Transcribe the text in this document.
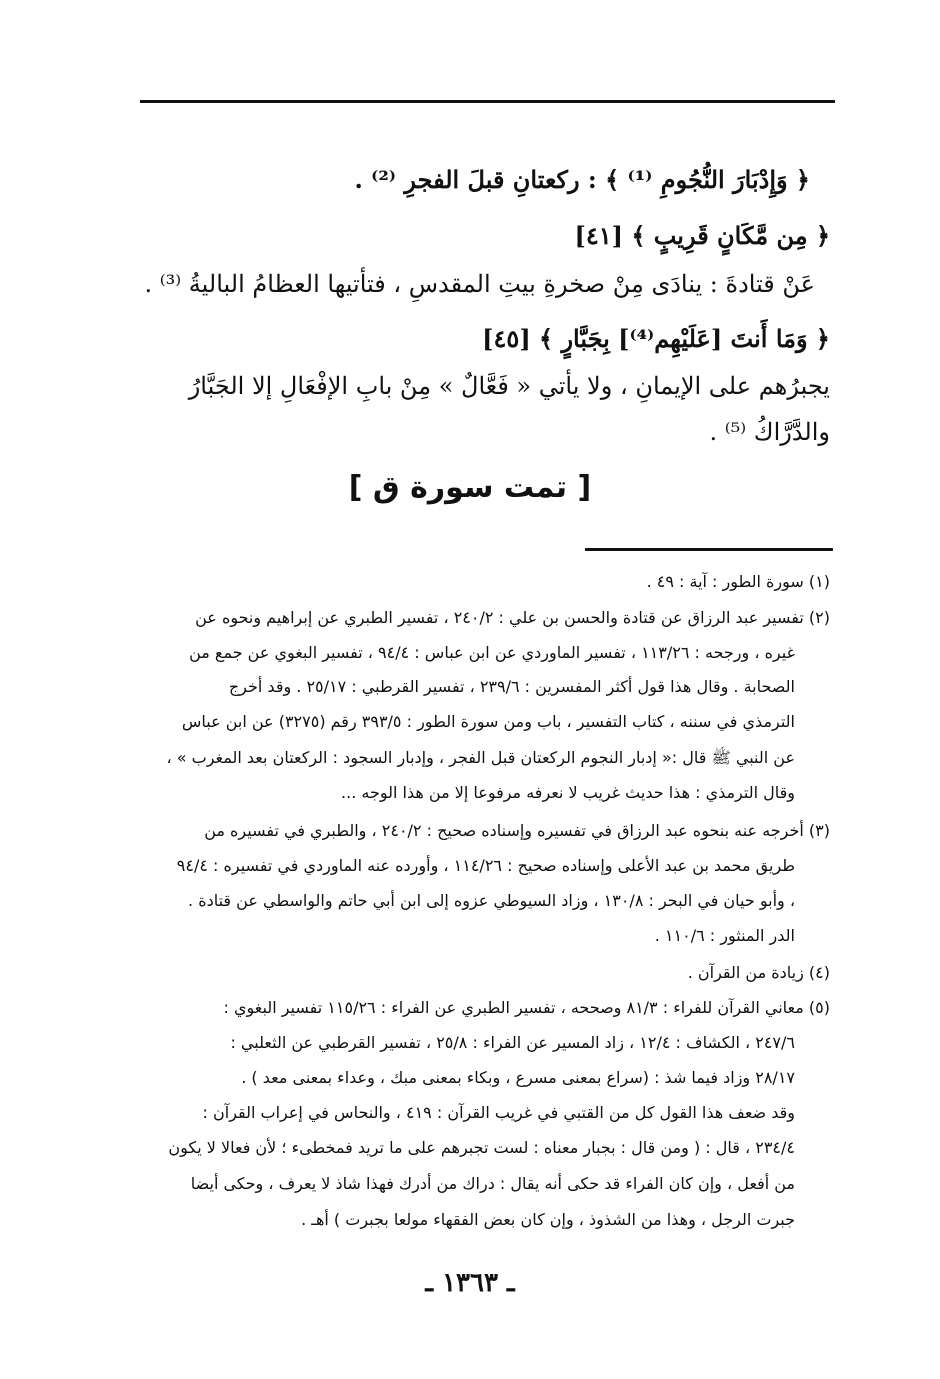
﴿ وَإِدْبَارَ النُّجُومِ ⁽¹⁾ ﴾ : ركعتانِ قبلَ الفجرِ ⁽²⁾ .
﴿ مِن مَّكَانٍ قَرِيبٍ ﴾ [٤١]
عَنْ قتادةَ : ينادَى مِنْ صخرةِ بيتِ المقدسِ ، فتأتيها العظامُ الباليةُ ⁽³⁾ .
﴿ وَمَا أَنتَ [عَلَيْهِم⁽⁴⁾] بِجَبَّارٍ ﴾ [٤٥]
يجبرُهم على الإيمانِ ، ولا يأتي « فَعَّالٌ » مِنْ بابِ الإفْعَالِ إلا الجَبَّارُ
والدَّرَّاكُ ⁽⁵⁾ .
[ تمت سورة ق ]
(١) سورة الطور : آية : ٤٩ .
(٢) تفسير عبد الرزاق عن قتادة والحسن بن علي : ٢٤٠/٢ ، تفسير الطبري عن إبراهيم ونحوه عن
غيره ، ورجحه : ١١٣/٢٦ ، تفسير الماوردي عن ابن عباس : ٩٤/٤ ، تفسير البغوي عن جمع من
الصحابة . وقال هذا قول أكثر المفسرين : ٢٣٩/٦ ، تفسير القرطبي : ٢٥/١٧ . وقد أخرج
الترمذي في سننه ، كتاب التفسير ، باب ومن سورة الطور : ٣٩٣/٥ رقم (٣٢٧٥) عن ابن عباس
عن النبي ﷺ قال :« إدبار النجوم الركعتان قبل الفجر ، وإدبار السجود : الركعتان بعد المغرب » ،
وقال الترمذي : هذا حديث غريب لا نعرفه مرفوعا إلا من هذا الوجه ...
(٣) أخرجه عنه بنحوه عبد الرزاق في تفسيره وإسناده صحيح : ٢٤٠/٢ ، والطبري في تفسيره من
طريق محمد بن عبد الأعلى وإسناده صحيح : ١١٤/٢٦ ، وأورده عنه الماوردي في تفسيره : ٩٤/٤
، وأبو حيان في البحر : ١٣٠/٨ ، وزاد السيوطي عزوه إلى ابن أبي حاتم والواسطي عن قتادة .
الدر المنثور : ١١٠/٦ .
(٤) زيادة من القرآن .
(٥) معاني القرآن للفراء : ٨١/٣ وصححه ، تفسير الطبري عن الفراء : ١١٥/٢٦ تفسير البغوي :
٢٤٧/٦ ، الكشاف : ١٢/٤ ، زاد المسير عن الفراء : ٢٥/٨ ، تفسير القرطبي عن الثعلبي :
٢٨/١٧ وزاد فيما شذ : (سراع بمعنى مسرع ، وبكاء بمعنى مبك ، وعداء بمعنى معد ) .
وقد ضعف هذا القول كل من القتبي في غريب القرآن : ٤١٩ ، والنحاس في إعراب القرآن :
٢٣٤/٤ ، قال : ( ومن قال : بجبار معناه : لست تجبرهم على ما تريد فمخطىء ؛ لأن فعالا لا يكون
من أفعل ، وإن كان الفراء قد حكى أنه يقال : دراك من أدرك فهذا شاذ لا يعرف ، وحكى أيضا
جبرت الرجل ، وهذا من الشذوذ ، وإن كان بعض الفقهاء مولعا بجبرت ) أهـ .
ـ ١٣٦٣ ـ
